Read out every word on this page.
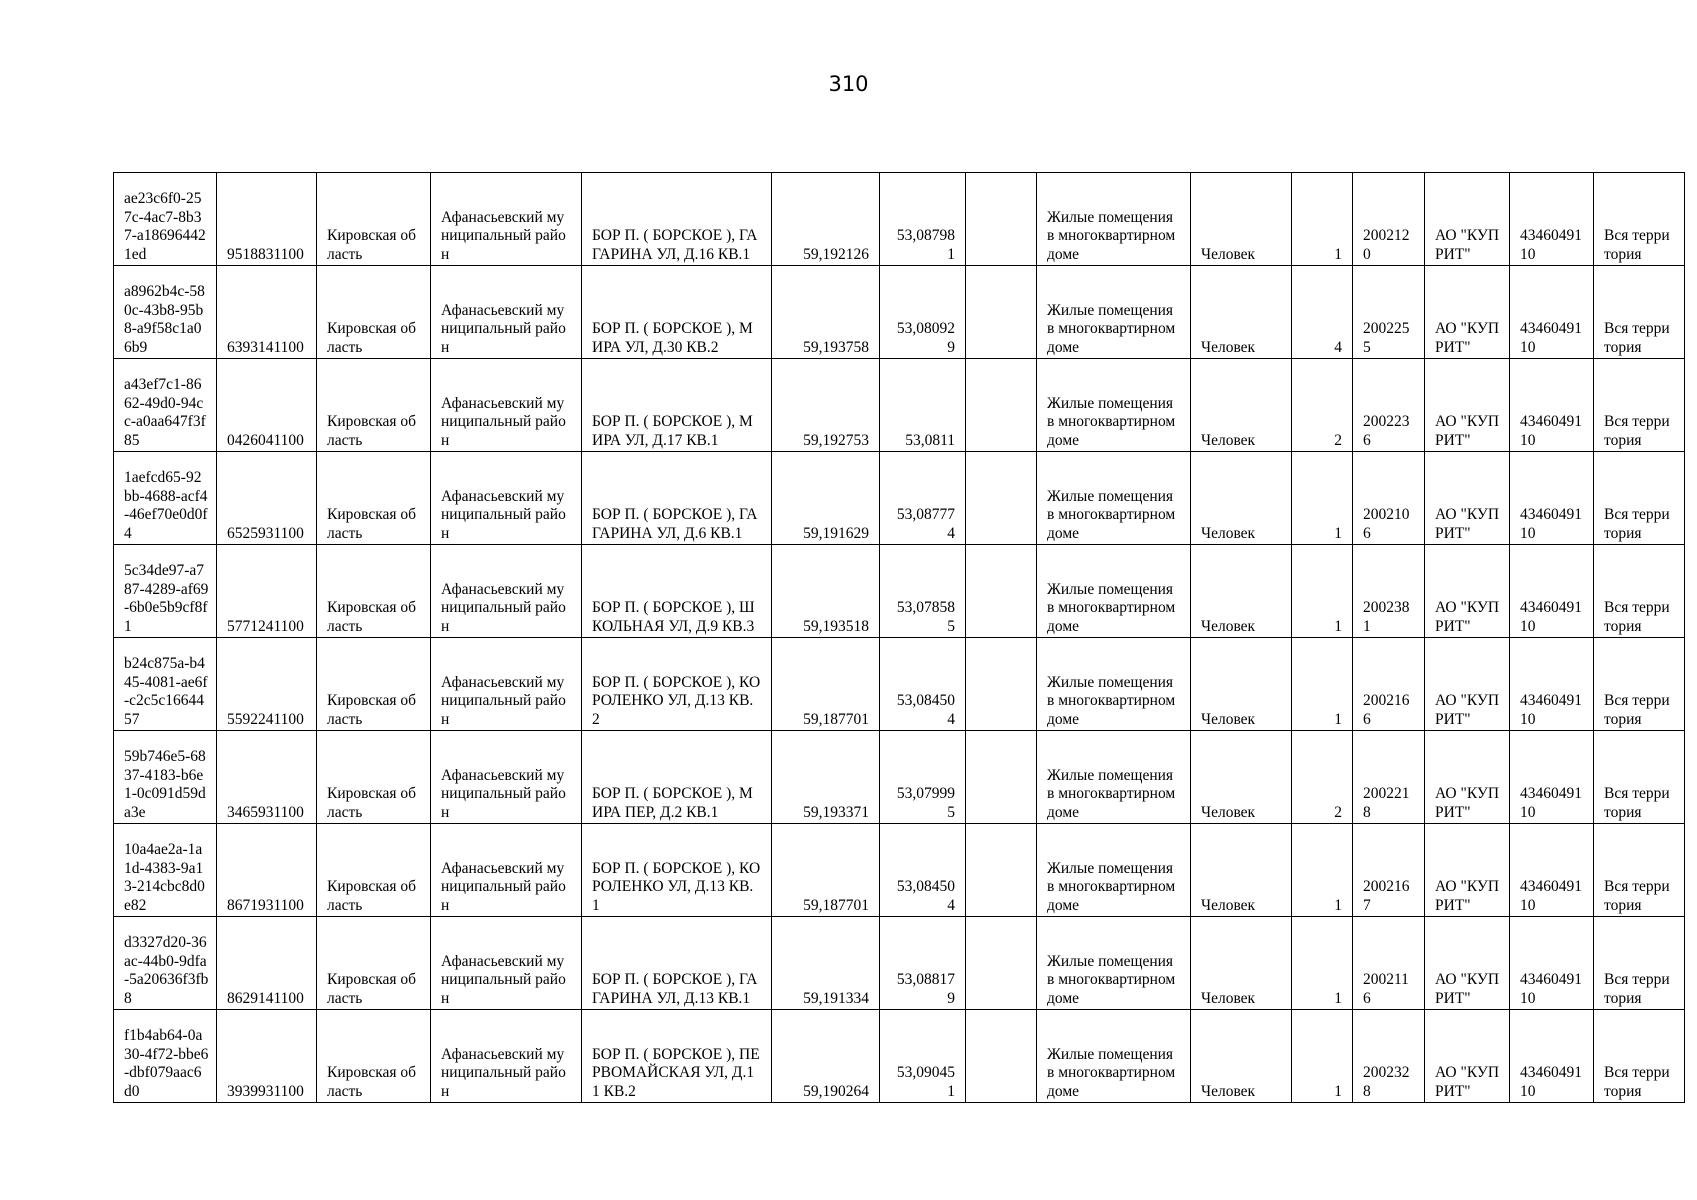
310
ae23c6f0-257c-4ac7-8b37-a186964421ed	9518831100	Кировская область	Афанасьевский муниципальный район	БОР П. ( БОРСКОЕ ), ГАГАРИНА УЛ, Д.16 КВ.1	59,192126	53,087981		Жилые помещения в многоквартирном доме	Человек	1	2002120	АО "КУПРИТ"	4346049110	Вся территория
a8962b4c-580c-43b8-95b8-a9f58c1a06b9	6393141100	Кировская область	Афанасьевский муниципальный район	БОР П. ( БОРСКОЕ ), МИРА УЛ, Д.30 КВ.2	59,193758	53,080929		Жилые помещения в многоквартирном доме	Человек	4	2002255	АО "КУПРИТ"	4346049110	Вся территория
a43ef7c1-8662-49d0-94cc-a0aa647f3f85	0426041100	Кировская область	Афанасьевский муниципальный район	БОР П. ( БОРСКОЕ ), МИРА УЛ, Д.17 КВ.1	59,192753	53,0811		Жилые помещения в многоквартирном доме	Человек	2	2002236	АО "КУПРИТ"	4346049110	Вся территория
1aefcd65-92bb-4688-acf4-46ef70e0d0f4	6525931100	Кировская область	Афанасьевский муниципальный район	БОР П. ( БОРСКОЕ ), ГАГАРИНА УЛ, Д.6 КВ.1	59,191629	53,087774		Жилые помещения в многоквартирном доме	Человек	1	2002106	АО "КУПРИТ"	4346049110	Вся территория
5c34de97-a787-4289-af69-6b0e5b9cf8f1	5771241100	Кировская область	Афанасьевский муниципальный район	БОР П. ( БОРСКОЕ ), ШКОЛЬНАЯ УЛ, Д.9 КВ.3	59,193518	53,078585		Жилые помещения в многоквартирном доме	Человек	1	2002381	АО "КУПРИТ"	4346049110	Вся территория
b24c875a-b445-4081-ae6f-c2c5c1664457	5592241100	Кировская область	Афанасьевский муниципальный район	БОР П. ( БОРСКОЕ ), КОРОЛЕНКО УЛ, Д.13 КВ.2	59,187701	53,084504		Жилые помещения в многоквартирном доме	Человек	1	2002166	АО "КУПРИТ"	4346049110	Вся территория
59b746e5-6837-4183-b6e1-0c091d59da3e	3465931100	Кировская область	Афанасьевский муниципальный район	БОР П. ( БОРСКОЕ ), МИРА ПЕР, Д.2 КВ.1	59,193371	53,079995		Жилые помещения в многоквартирном доме	Человек	2	2002218	АО "КУПРИТ"	4346049110	Вся территория
10a4ae2a-1a1d-4383-9a13-214cbc8d0e82	8671931100	Кировская область	Афанасьевский муниципальный район	БОР П. ( БОРСКОЕ ), КОРОЛЕНКО УЛ, Д.13 КВ.1	59,187701	53,084504		Жилые помещения в многоквартирном доме	Человек	1	2002167	АО "КУПРИТ"	4346049110	Вся территория
d3327d20-36ac-44b0-9dfa-5a20636f3fb8	8629141100	Кировская область	Афанасьевский муниципальный район	БОР П. ( БОРСКОЕ ), ГАГАРИНА УЛ, Д.13 КВ.1	59,191334	53,088179		Жилые помещения в многоквартирном доме	Человек	1	2002116	АО "КУПРИТ"	4346049110	Вся территория
f1b4ab64-0a30-4f72-bbe6-dbf079aac6d0	3939931100	Кировская область	Афанасьевский муниципальный район	БОР П. ( БОРСКОЕ ), ПЕРВОМАЙСКАЯ УЛ, Д.11 КВ.2	59,190264	53,090451		Жилые помещения в многоквартирном доме	Человек	1	2002328	АО "КУПРИТ"	4346049110	Вся территория
